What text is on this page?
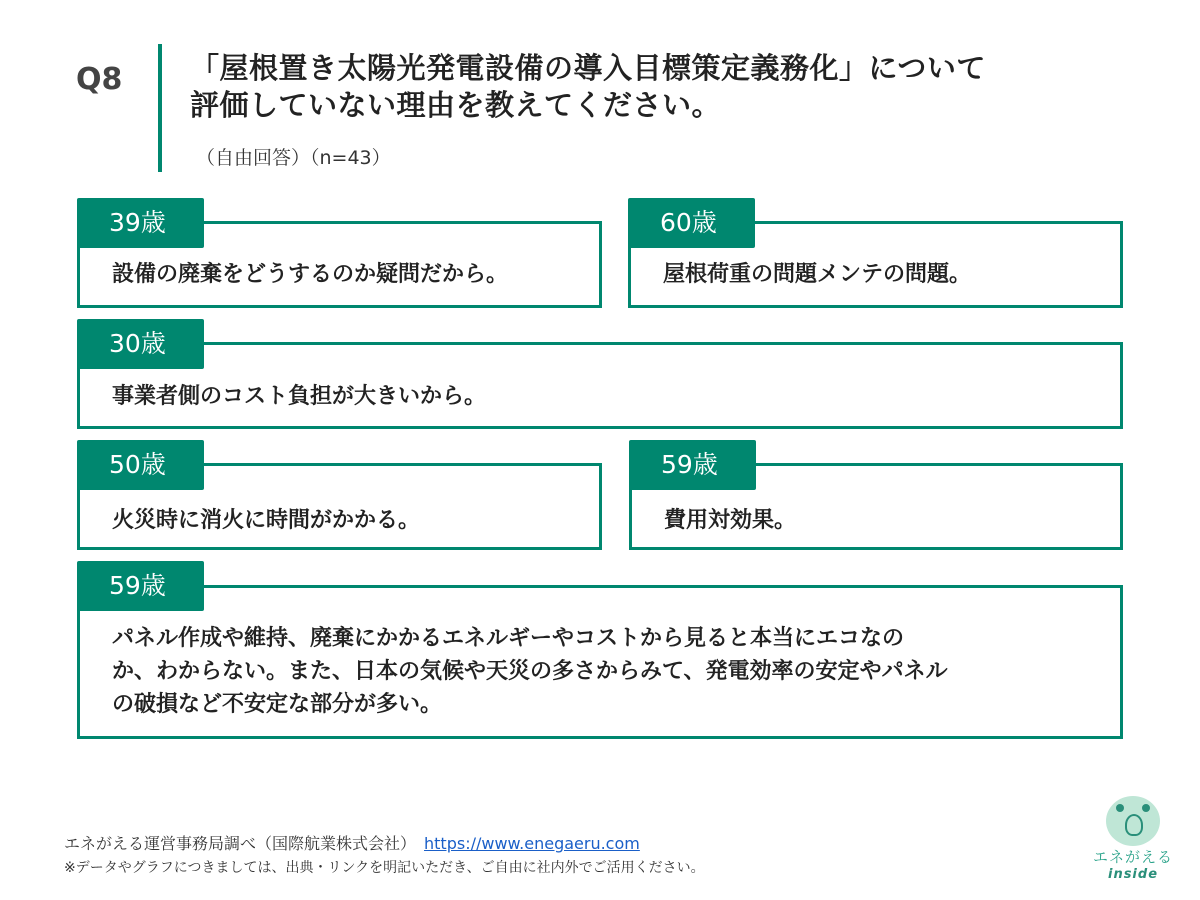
Q8 「屋根置き太陽光発電設備の導入目標策定義務化」について
評価していない理由を教えてください。
（自由回答）（n=43）
設備の廃棄をどうするのか疑問だから。
39歳
屋根荷重の問題メンテの問題。
60歳
事業者側のコスト負担が大きいから。
30歳
火災時に消火に時間がかかる。
50歳
費用対効果。
59歳
パネル作成や維持、廃棄にかかるエネルギーやコストから見ると本当にエコなの
か、わからない。また、日本の気候や天災の多さからみて、発電効率の安定やパネル
の破損など不安定な部分が多い。
59歳
エネがえる運営事務局調べ（国際航業株式会社） https://www.enegaeru.com
※データやグラフにつきましては、出典・リンクを明記いただき、ご自由に社内外でご活用ください。
エネがえる
inside
